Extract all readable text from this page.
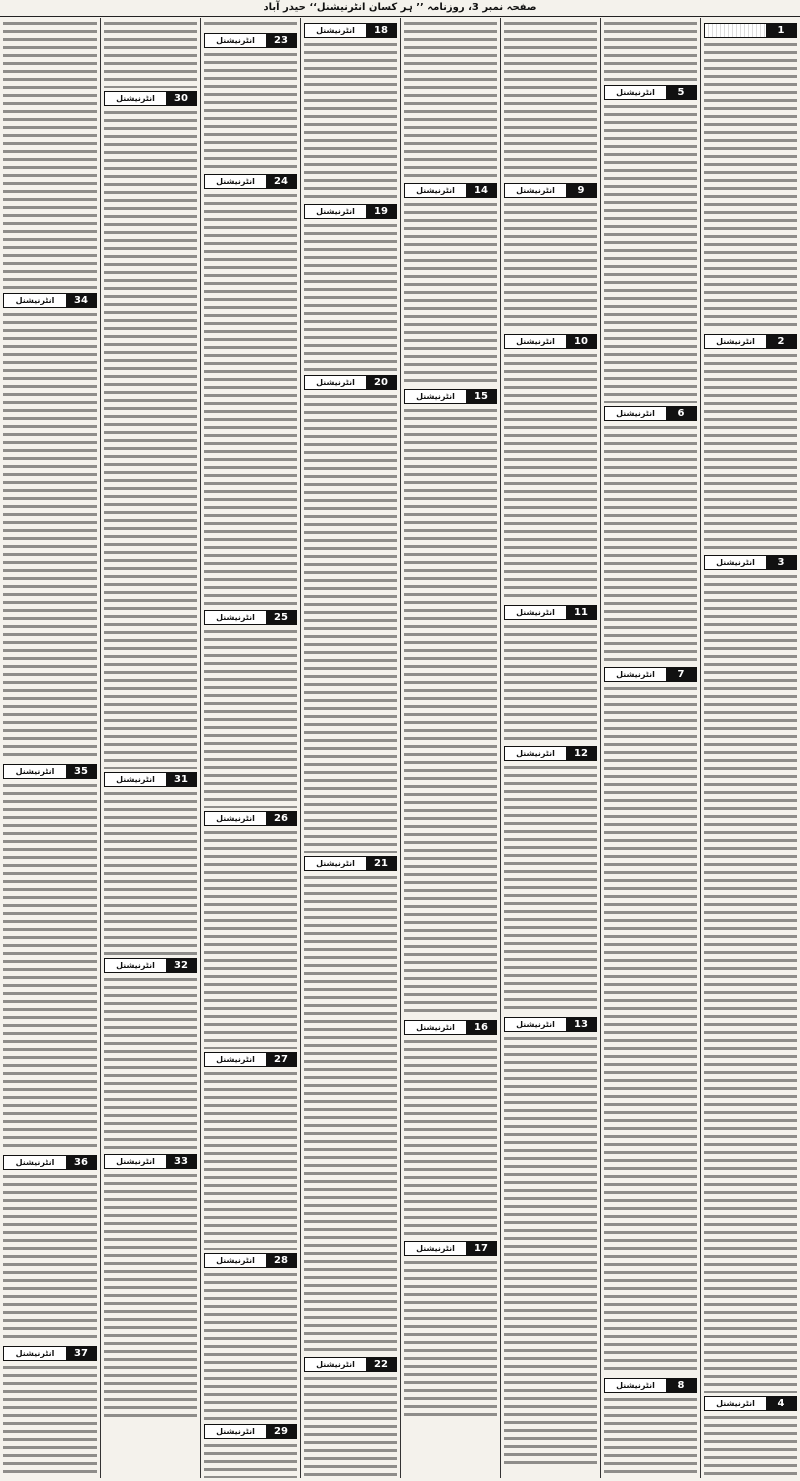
صفحہ نمبر 3، روزنامہ ’’ ہر کسان انٹرنیشنل‘‘ حیدر آباد
1
انٹرنیشنل	2
انٹرنیشنل	3
انٹرنیشنل	4
انٹرنیشنل	5
انٹرنیشنل	6
انٹرنیشنل	7
انٹرنیشنل	8
انٹرنیشنل	9
انٹرنیشنل	10
انٹرنیشنل	11
انٹرنیشنل	12
انٹرنیشنل	13
انٹرنیشنل	14
انٹرنیشنل	15
انٹرنیشنل	16
انٹرنیشنل	17
انٹرنیشنل	18
انٹرنیشنل	19
انٹرنیشنل	20
انٹرنیشنل	21
انٹرنیشنل	22
انٹرنیشنل	23
انٹرنیشنل	24
انٹرنیشنل	25
انٹرنیشنل	26
انٹرنیشنل	27
انٹرنیشنل	28
انٹرنیشنل	29
انٹرنیشنل	30
انٹرنیشنل	31
انٹرنیشنل	32
انٹرنیشنل	33
انٹرنیشنل	34
انٹرنیشنل	35
انٹرنیشنل	36
انٹرنیشنل	37
